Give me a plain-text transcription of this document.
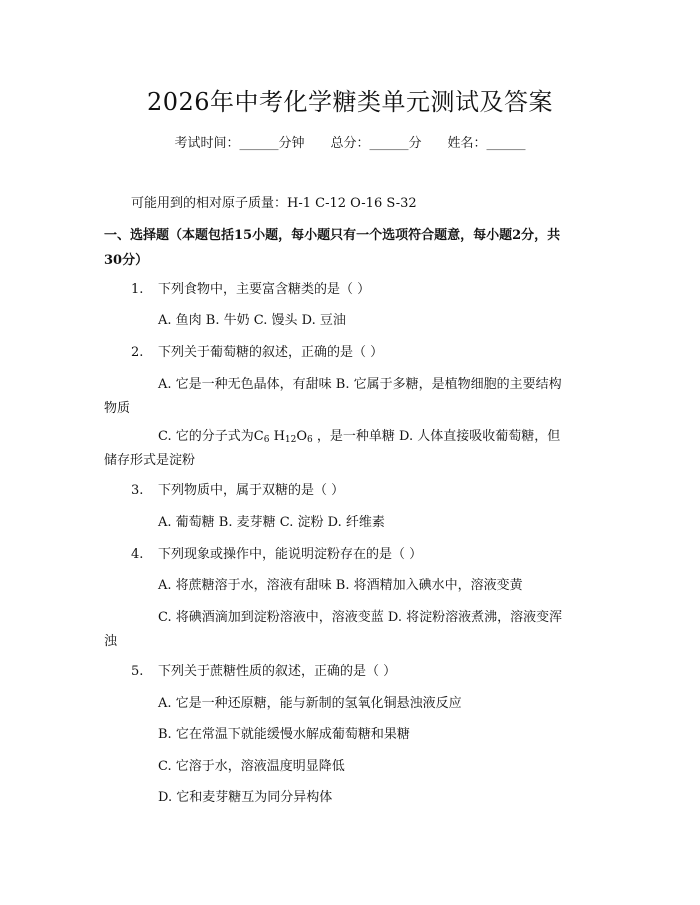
2026年中考化学糖类单元测试及答案
考试时间：______分钟 总分：______分 姓名：______
可能用到的相对原子质量：H-1 C-12 O-16 S-32
一、选择题（本题包括15小题，每小题只有一个选项符合题意，每小题2分，共
30分）
1. 下列食物中，主要富含糖类的是（ ）
A. 鱼肉 B. 牛奶 C. 馒头 D. 豆油
2. 下列关于葡萄糖的叙述，正确的是（ ）
A. 它是一种无色晶体，有甜味 B. 它属于多糖，是植物细胞的主要结构
物质
C. 它的分子式为$C_6$ $H_{12}O_6$ ，是一种单糖 D. 人体直接吸收葡萄糖，但
储存形式是淀粉
3. 下列物质中，属于双糖的是（ ）
A. 葡萄糖 B. 麦芽糖 C. 淀粉 D. 纤维素
4. 下列现象或操作中，能说明淀粉存在的是（ ）
A. 将蔗糖溶于水，溶液有甜味 B. 将酒精加入碘水中，溶液变黄
C. 将碘酒滴加到淀粉溶液中，溶液变蓝 D. 将淀粉溶液煮沸，溶液变浑
浊
5. 下列关于蔗糖性质的叙述，正确的是（ ）
A. 它是一种还原糖，能与新制的氢氧化铜悬浊液反应
B. 它在常温下就能缓慢水解成葡萄糖和果糖
C. 它溶于水，溶液温度明显降低
D. 它和麦芽糖互为同分异构体
